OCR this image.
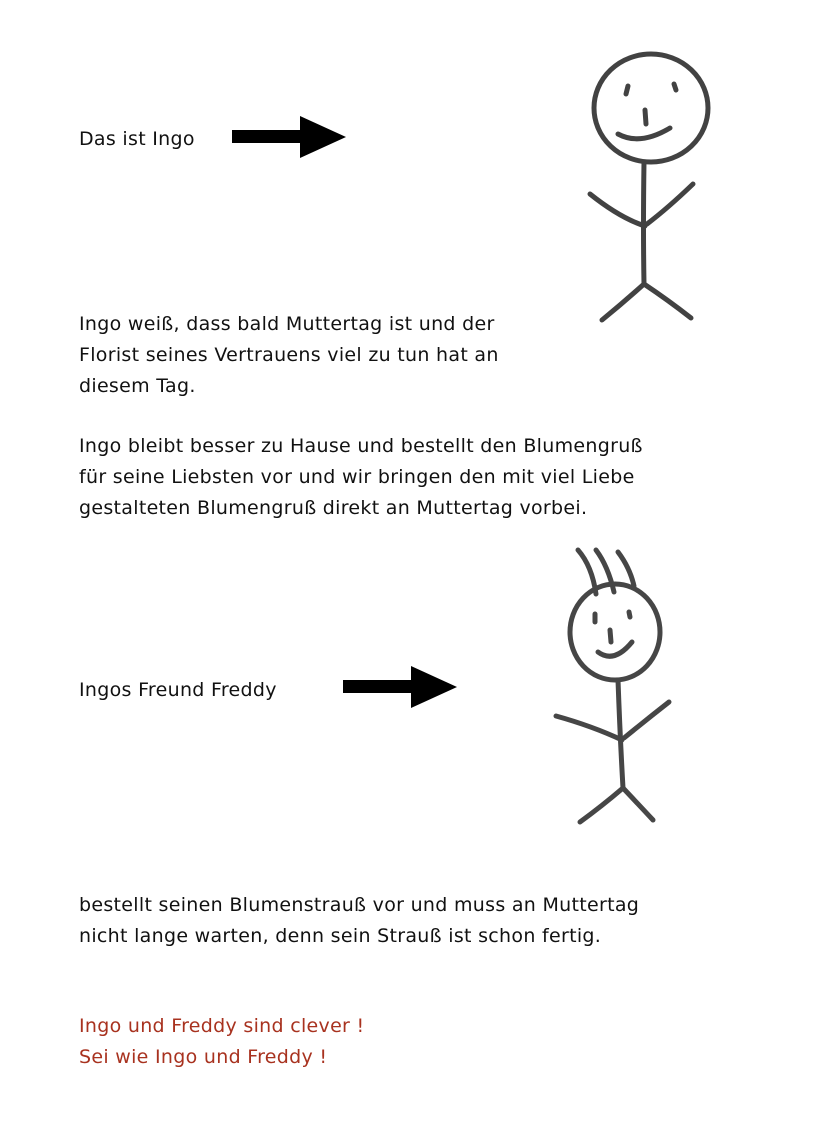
Das ist Ingo
Ingo weiß, dass bald Muttertag ist und der
Florist seines Vertrauens viel zu tun hat an
diesem Tag.
Ingo bleibt besser zu Hause und bestellt den Blumengruß
für seine Liebsten vor und wir bringen den mit viel Liebe
gestalteten Blumengruß direkt an Muttertag vorbei.
Ingos Freund Freddy
bestellt seinen Blumenstrauß vor und muss an Muttertag
nicht lange warten, denn sein Strauß ist schon fertig.
Ingo und Freddy sind clever !
Sei wie Ingo und Freddy !
